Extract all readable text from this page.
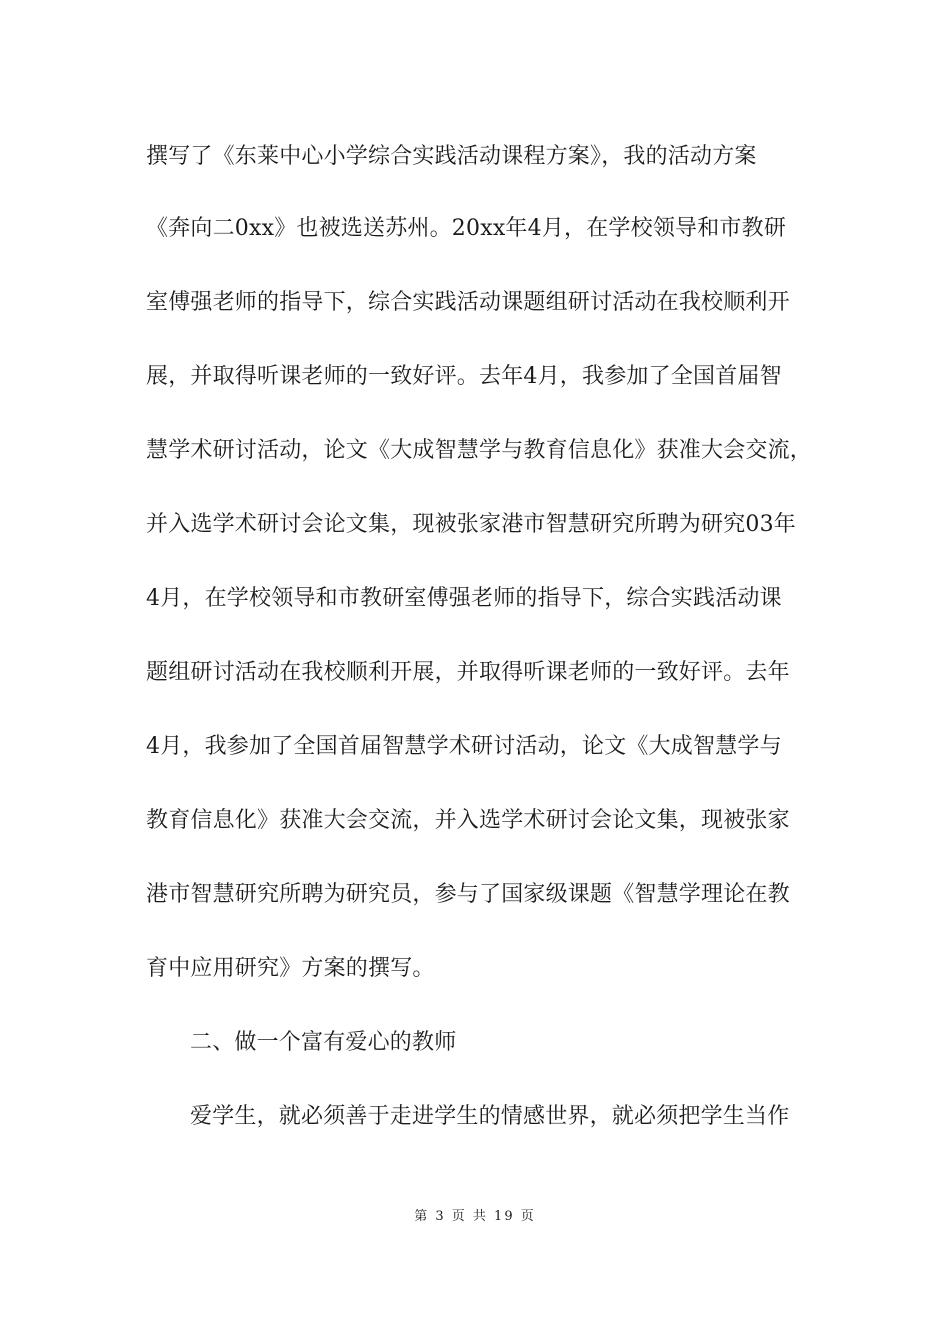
撰写了《东莱中心小学综合实践活动课程方案》，我的活动方案
《奔向二0xx》也被选送苏州。20xx年4月，在学校领导和市教研
室傅强老师的指导下，综合实践活动课题组研讨活动在我校顺利开
展，并取得听课老师的一致好评。去年4月，我参加了全国首届智
慧学术研讨活动，论文《大成智慧学与教育信息化》获准大会交流，
并入选学术研讨会论文集，现被张家港市智慧研究所聘为研究03年
4月，在学校领导和市教研室傅强老师的指导下，综合实践活动课
题组研讨活动在我校顺利开展，并取得听课老师的一致好评。去年
4月，我参加了全国首届智慧学术研讨活动，论文《大成智慧学与
教育信息化》获准大会交流，并入选学术研讨会论文集，现被张家
港市智慧研究所聘为研究员，参与了国家级课题《智慧学理论在教
育中应用研究》方案的撰写。
二、做一个富有爱心的教师
爱学生，就必须善于走进学生的情感世界，就必须把学生当作
第 3 页 共 19 页
